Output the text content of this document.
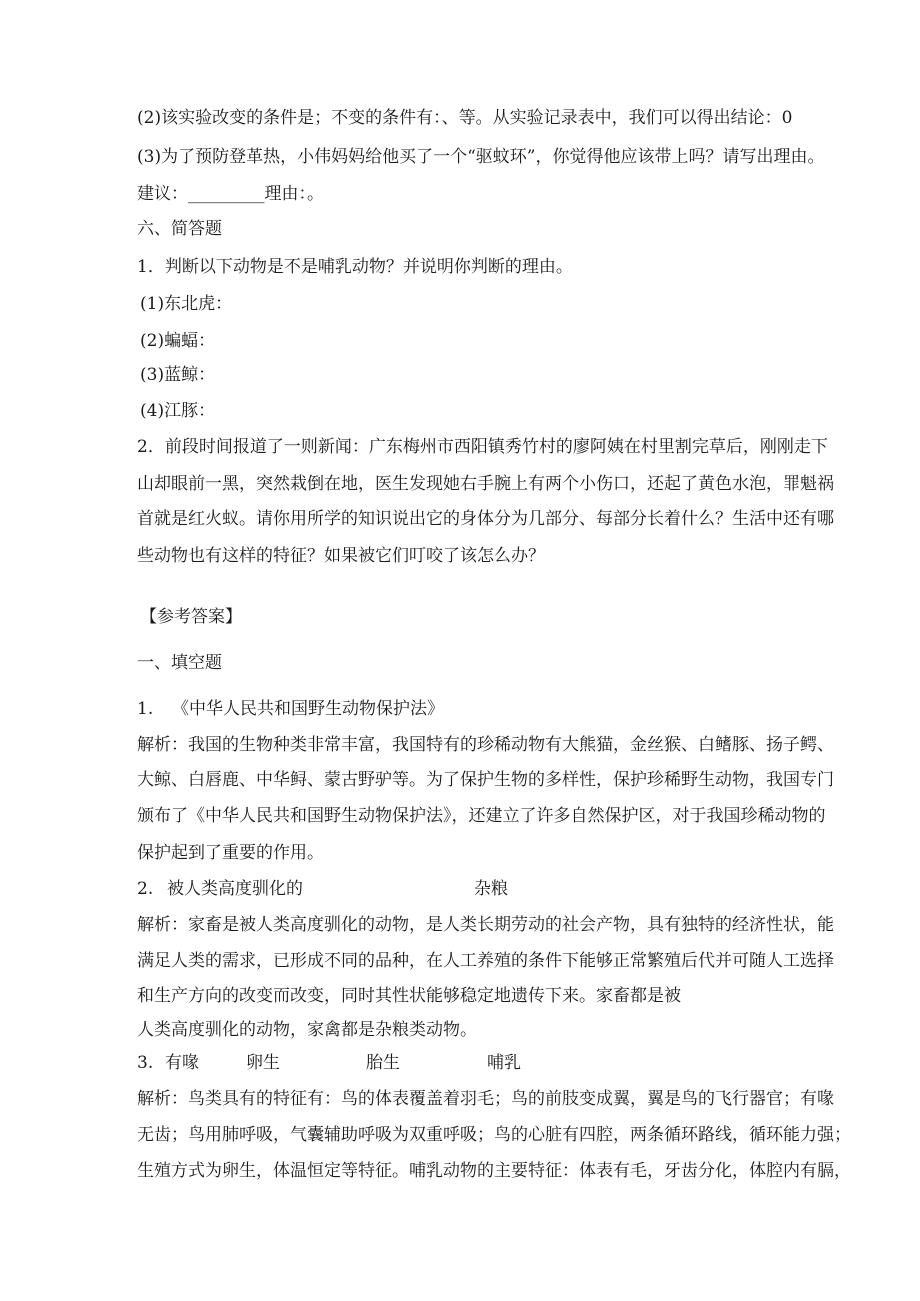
(2)该实验改变的条件是；不变的条件有：、等。从实验记录表中，我们可以得出结论：0
(3)为了预防登革热，小伟妈妈给他买了一个“驱蚊环”，你觉得他应该带上吗？请写出理由。
建议：_________理由：。
六、简答题
1．判断以下动物是不是哺乳动物？并说明你判断的理由。
(1)东北虎：
(2)蝙蝠：
(3)蓝鲸：
(4)江豚：
2．前段时间报道了一则新闻：广东梅州市西阳镇秀竹村的廖阿姨在村里割完草后，刚刚走下
山却眼前一黑，突然栽倒在地，医生发现她右手腕上有两个小伤口，还起了黄色水泡，罪魁祸
首就是红火蚁。请你用所学的知识说出它的身体分为几部分、每部分长着什么？生活中还有哪
些动物也有这样的特征？如果被它们叮咬了该怎么办？
【参考答案】
一、填空题
1. 《中华人民共和国野生动物保护法》
解析：我国的生物种类非常丰富，我国特有的珍稀动物有大熊猫，金丝猴、白鳍豚、扬子鳄、
大鲸、白唇鹿、中华鲟、蒙古野驴等。为了保护生物的多样性，保护珍稀野生动物，我国专门
颁布了《中华人民共和国野生动物保护法》，还建立了许多自然保护区，对于我国珍稀动物的
保护起到了重要的作用。
2. 被人类高度驯化的	杂粮
解析：家畜是被人类高度驯化的动物，是人类长期劳动的社会产物，具有独特的经济性状，能
满足人类的需求，已形成不同的品种，在人工养殖的条件下能够正常繁殖后代并可随人工选择
和生产方向的改变而改变，同时其性状能够稳定地遗传下来。家畜都是被
人类高度驯化的动物，家禽都是杂粮类动物。
3. 有喙	卵生	胎生	哺乳
解析：鸟类具有的特征有：鸟的体表覆盖着羽毛；鸟的前肢变成翼，翼是鸟的飞行器官；有喙
无齿；鸟用肺呼吸，气囊辅助呼吸为双重呼吸；鸟的心脏有四腔，两条循环路线，循环能力强；
生殖方式为卵生，体温恒定等特征。哺乳动物的主要特征：体表有毛，牙齿分化，体腔内有膈，
